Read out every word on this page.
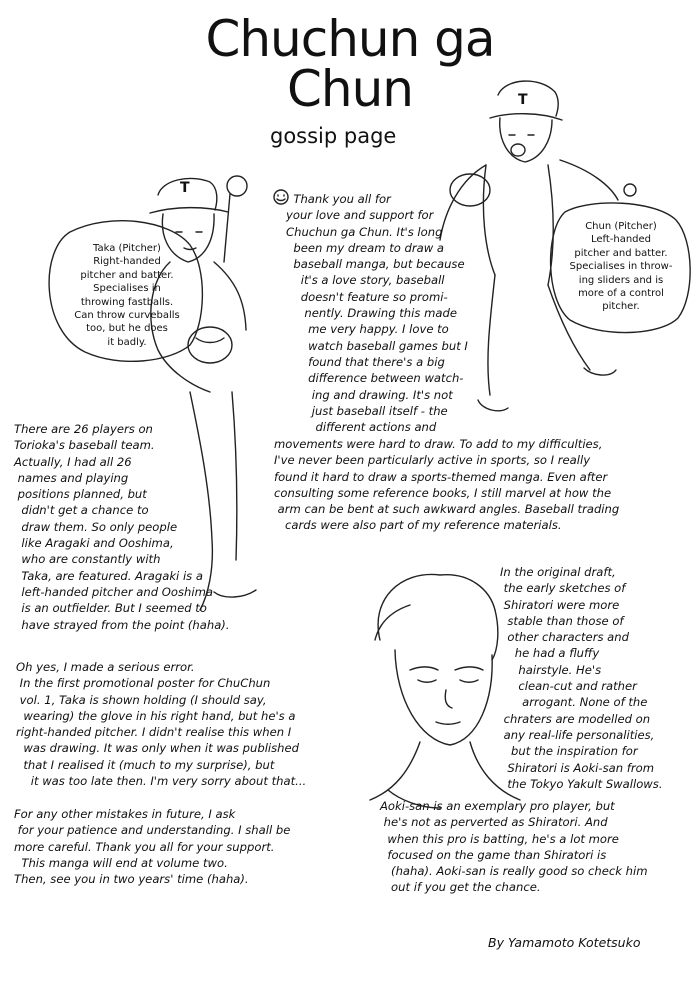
Chuchun ga
Chun
gossip page
T
T
Taka (Pitcher)
Right-handed
pitcher and batter.
Specialises in
throwing fastballs.
Can throw curveballs
too, but he does
it badly.
Chun (Pitcher)
Left-handed
pitcher and batter.
Specialises in throw-
ing sliders and is
more of a control
pitcher.
Thank you all for
your love and support for
Chuchun ga Chun. It's long
been my dream to draw a
baseball manga, but because
it's a love story, baseball
doesn't feature so promi-
nently. Drawing this made
me very happy. I love to
watch baseball games but I
found that there's a big
difference between watch-
ing and drawing. It's not
just baseball itself - the
different actions and
movements were hard to draw. To add to my difficulties,
I've never been particularly active in sports, so I really
found it hard to draw a sports-themed manga. Even after
consulting some reference books, I still marvel at how the
arm can be bent at such awkward angles. Baseball trading
cards were also part of my reference materials.
There are 26 players on
Torioka's baseball team.
Actually, I had all 26
names and playing
positions planned, but
didn't get a chance to
draw them. So only people
like Aragaki and Ooshima,
who are constantly with
Taka, are featured. Aragaki is a
left-handed pitcher and Ooshima
is an outfielder. But I seemed to
have strayed from the point (haha).
In the original draft,
the early sketches of
Shiratori were more
stable than those of
other characters and
he had a fluffy
hairstyle. He's
clean-cut and rather
arrogant. None of the
chraters are modelled on
any real-life personalities,
but the inspiration for
Shiratori is Aoki-san from
the Tokyo Yakult Swallows.
Aoki-san is an exemplary pro player, but
he's not as perverted as Shiratori. And
when this pro is batting, he's a lot more
focused on the game than Shiratori is
(haha). Aoki-san is really good so check him
out if you get the chance.
Oh yes, I made a serious error.
In the first promotional poster for ChuChun
vol. 1, Taka is shown holding (I should say,
wearing) the glove in his right hand, but he's a
right-handed pitcher. I didn't realise this when I
was drawing. It was only when it was published
that I realised it (much to my surprise), but
it was too late then. I'm very sorry about that...
For any other mistakes in future, I ask
for your patience and understanding. I shall be
more careful. Thank you all for your support.
This manga will end at volume two.
Then, see you in two years' time (haha).
By Yamamoto Kotetsuko
